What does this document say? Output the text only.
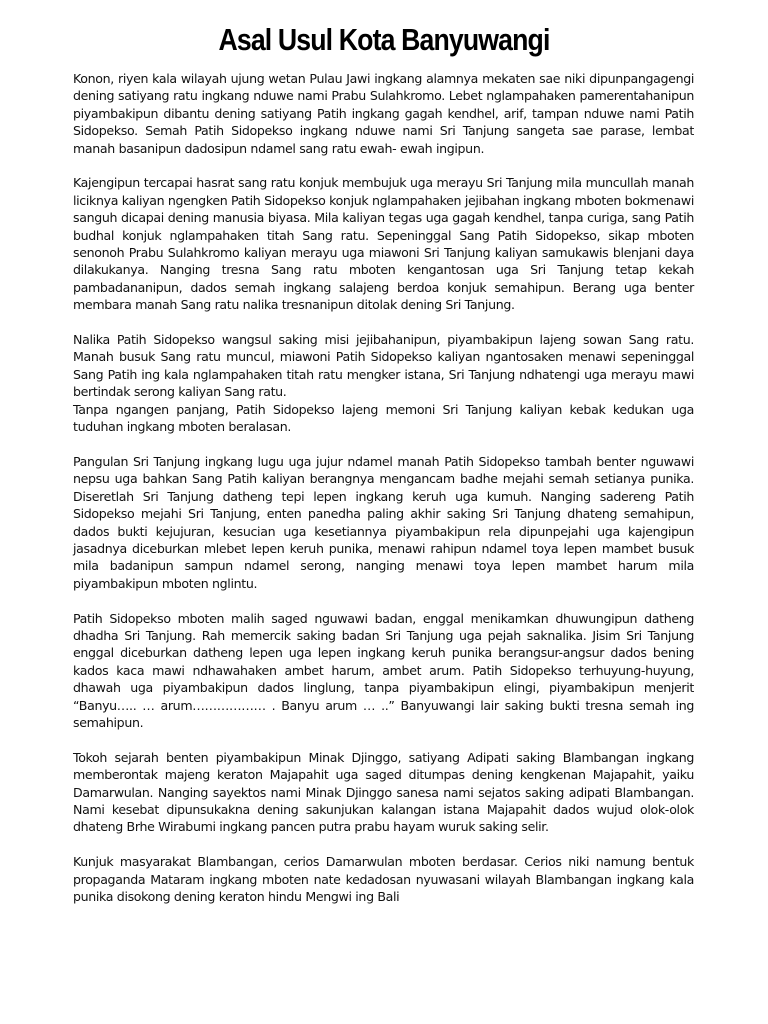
Asal Usul Kota Banyuwangi

Konon, riyen kala wilayah ujung wetan Pulau Jawi ingkang alamnya mekaten sae niki dipunpangagengi dening satiyang ratu ingkang nduwe nami Prabu Sulahkromo. Lebet nglampahaken pamerentahanipun piyambakipun dibantu dening satiyang Patih ingkang gagah kendhel, arif, tampan nduwe nami Patih Sidopekso. Semah Patih Sidopekso ingkang nduwe nami Sri Tanjung sangeta sae parase, lembat manah basanipun dadosipun ndamel sang ratu ewah- ewah ingipun.

Kajengipun tercapai hasrat sang ratu konjuk membujuk uga merayu Sri Tanjung mila muncullah manah liciknya kaliyan ngengken Patih Sidopekso konjuk nglampahaken jejibahan ingkang mboten bokmenawi sanguh dicapai dening manusia biyasa. Mila kaliyan tegas uga gagah kendhel, tanpa curiga, sang Patih budhal konjuk nglampahaken titah Sang ratu. Sepeninggal Sang Patih Sidopekso, sikap mboten senonoh Prabu Sulahkromo kaliyan merayu uga miawoni Sri Tanjung kaliyan samukawis blenjani daya dilakukanya. Nanging tresna Sang ratu mboten kengantosan uga Sri Tanjung tetap kekah pambadananipun, dados semah ingkang salajeng berdoa konjuk semahipun. Berang uga benter membara manah Sang ratu nalika tresnanipun ditolak dening Sri Tanjung.

Nalika Patih Sidopekso wangsul saking misi jejibahanipun, piyambakipun lajeng sowan Sang ratu. Manah busuk Sang ratu muncul, miawoni Patih Sidopekso kaliyan ngantosaken menawi sepeninggal Sang Patih ing kala nglampahaken titah ratu mengker istana, Sri Tanjung ndhatengi uga merayu mawi bertindak serong kaliyan Sang ratu.

Tanpa ngangen panjang, Patih Sidopekso lajeng memoni Sri Tanjung kaliyan kebak kedukan uga tuduhan ingkang mboten beralasan.

Pangulan Sri Tanjung ingkang lugu uga jujur ndamel manah Patih Sidopekso tambah benter nguwawi nepsu uga bahkan Sang Patih kaliyan berangnya mengancam badhe mejahi semah setianya punika. Diseretlah Sri Tanjung datheng tepi lepen ingkang keruh uga kumuh. Nanging sadereng Patih Sidopekso mejahi Sri Tanjung, enten panedha paling akhir saking Sri Tanjung dhateng semahipun, dados bukti kejujuran, kesucian uga kesetiannya piyambakipun rela dipunpejahi uga kajengipun jasadnya diceburkan mlebet lepen keruh punika, menawi rahipun ndamel toya lepen mambet busuk mila badanipun sampun ndamel serong, nanging menawi toya lepen mambet harum mila piyambakipun mboten nglintu.

Patih Sidopekso mboten malih saged nguwawi badan, enggal menikamkan dhuwungipun datheng dhadha Sri Tanjung. Rah memercik saking badan Sri Tanjung uga pejah saknalika. Jisim Sri Tanjung enggal diceburkan datheng lepen uga lepen ingkang keruh punika berangsur-angsur dados bening kados kaca mawi ndhawahaken ambet harum, ambet arum. Patih Sidopekso terhuyung-huyung, dhawah uga piyambakipun dados linglung, tanpa piyambakipun elingi, piyambakipun menjerit “Banyu….. … arum……………… . Banyu arum … ..” Banyuwangi lair saking bukti tresna semah ing semahipun.

Tokoh sejarah benten piyambakipun Minak Djinggo, satiyang Adipati saking Blambangan ingkang memberontak majeng keraton Majapahit uga saged ditumpas dening kengkenan Majapahit, yaiku Damarwulan. Nanging sayektos nami Minak Djinggo sanesa nami sejatos saking adipati Blambangan. Nami kesebat dipunsukakna dening sakunjukan kalangan istana Majapahit dados wujud olok-olok dhateng Brhe Wirabumi ingkang pancen putra prabu hayam wuruk saking selir.

Kunjuk masyarakat Blambangan, cerios Damarwulan mboten berdasar. Cerios niki namung bentuk propaganda Mataram ingkang mboten nate kedadosan nyuwasani wilayah Blambangan ingkang kala punika disokong dening keraton hindu Mengwi ing Bali
